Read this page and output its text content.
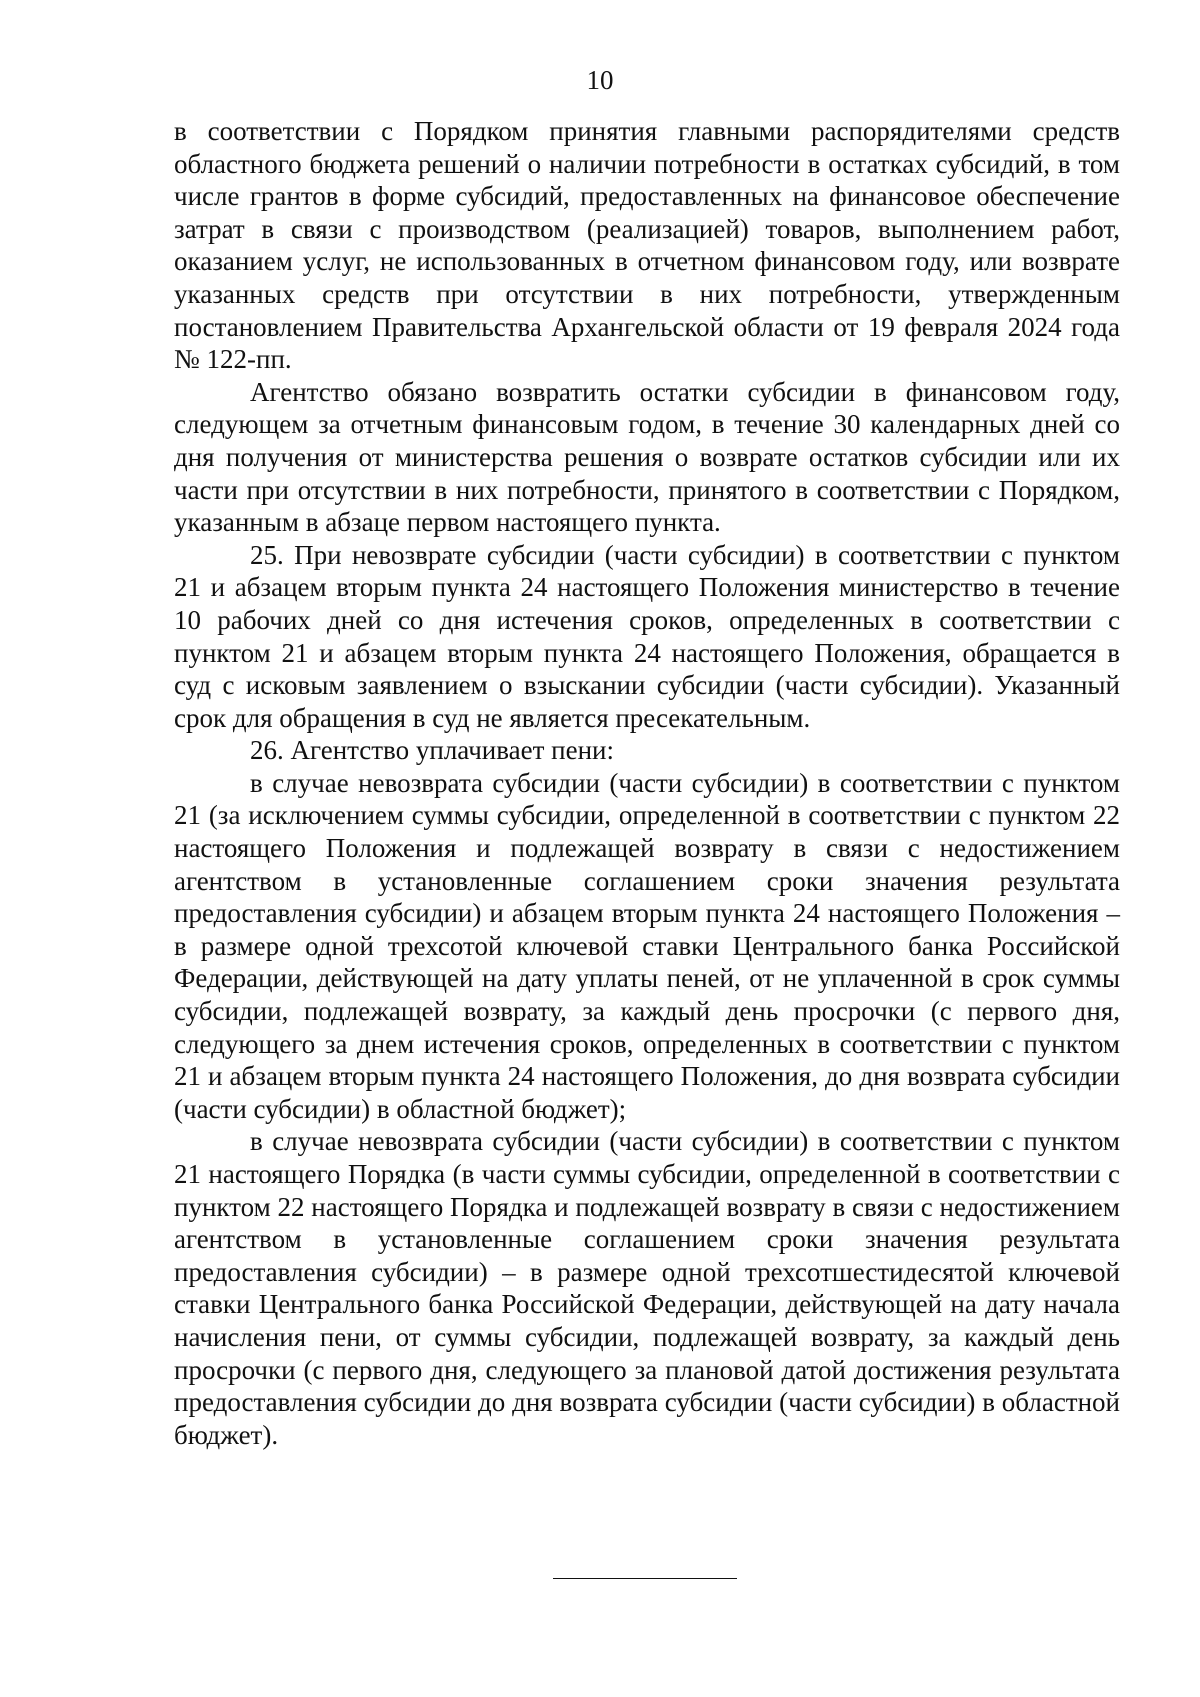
10

в соответствии с Порядком принятия главными распорядителями средств областного бюджета решений о наличии потребности в остатках субсидий, в том числе грантов в форме субсидий, предоставленных на финансовое обеспечение затрат в связи с производством (реализацией) товаров, выполнением работ, оказанием услуг, не использованных в отчетном финансовом году, или возврате указанных средств при отсутствии в них потребности, утвержденным постановлением Правительства Архангельской области от 19 февраля 2024 года № 122-пп.

Агентство обязано возвратить остатки субсидии в финансовом году, следующем за отчетным финансовым годом, в течение 30 календарных дней со дня получения от министерства решения о возврате остатков субсидии или их части при отсутствии в них потребности, принятого в соответствии с Порядком, указанным в абзаце первом настоящего пункта.

25. При невозврате субсидии (части субсидии) в соответствии с пунктом 21 и абзацем вторым пункта 24 настоящего Положения министерство в течение 10 рабочих дней со дня истечения сроков, определенных в соответствии с пунктом 21 и абзацем вторым пункта 24 настоящего Положения, обращается в суд с исковым заявлением о взыскании субсидии (части субсидии). Указанный срок для обращения в суд не является пресекательным.

26. Агентство уплачивает пени:

в случае невозврата субсидии (части субсидии) в соответствии с пунктом 21 (за исключением суммы субсидии, определенной в соответствии с пунктом 22 настоящего Положения и подлежащей возврату в связи с недостижением агентством в установленные соглашением сроки значения результата предоставления субсидии) и абзацем вторым пункта 24 настоящего Положения – в размере одной трехсотой ключевой ставки Центрального банка Российской Федерации, действующей на дату уплаты пеней, от не уплаченной в срок суммы субсидии, подлежащей возврату, за каждый день просрочки (с первого дня, следующего за днем истечения сроков, определенных в соответствии с пунктом 21 и абзацем вторым пункта 24 настоящего Положения, до дня возврата субсидии (части субсидии) в областной бюджет);

в случае невозврата субсидии (части субсидии) в соответствии с пунктом 21 настоящего Порядка (в части суммы субсидии, определенной в соответствии с пунктом 22 настоящего Порядка и подлежащей возврату в связи с недостижением агентством в установленные соглашением сроки значения результата предоставления субсидии) – в размере одной трехсотшестидесятой ключевой ставки Центрального банка Российской Федерации, действующей на дату начала начисления пени, от суммы субсидии, подлежащей возврату, за каждый день просрочки (с первого дня, следующего за плановой датой достижения результата предоставления субсидии до дня возврата субсидии (части субсидии) в областной бюджет).
